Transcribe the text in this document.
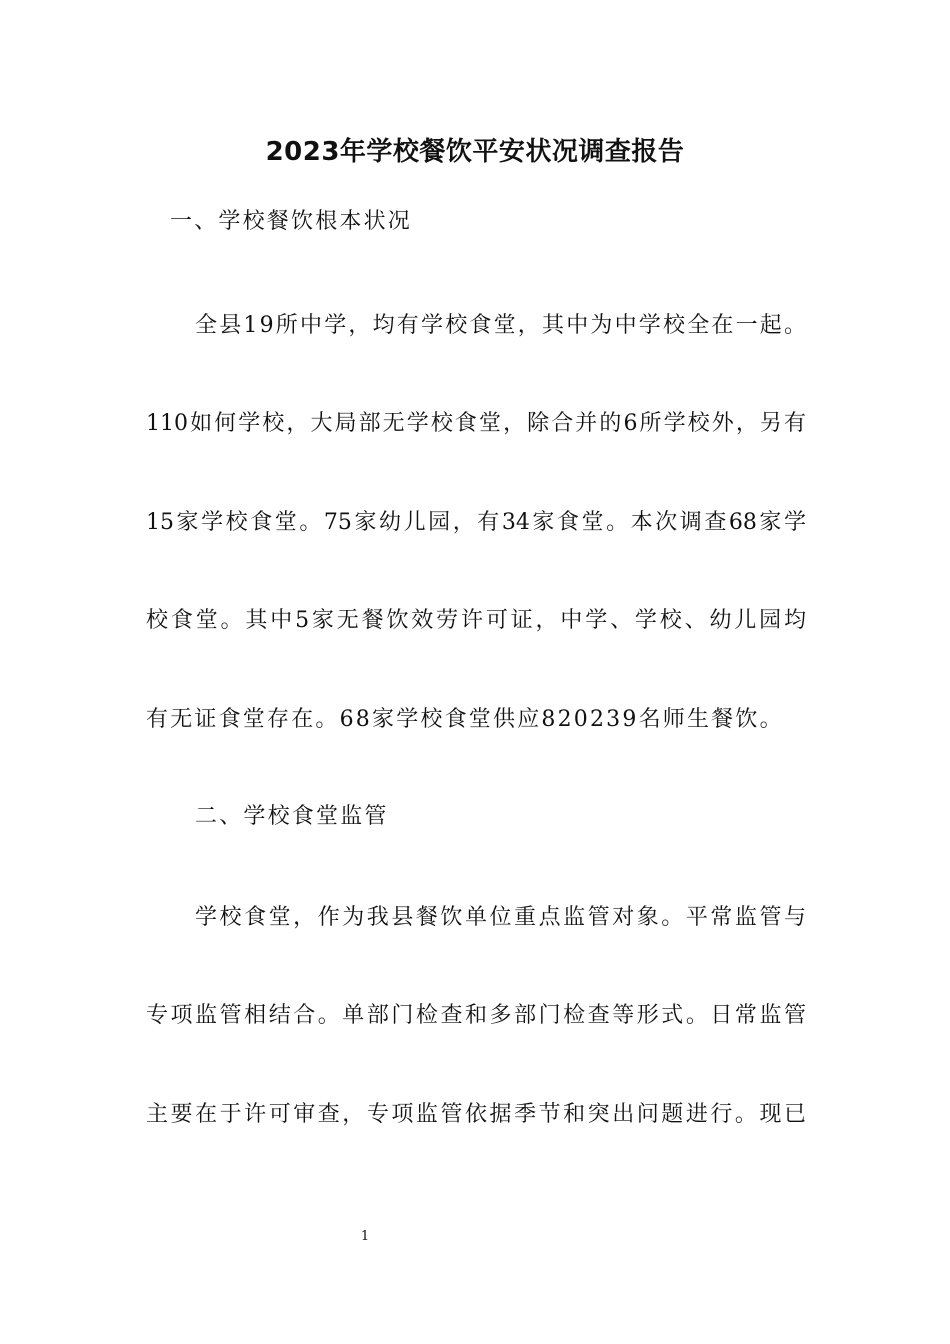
2023年学校餐饮平安状况调查报告
一、学校餐饮根本状况
全县19所中学，均有学校食堂，其中为中学校全在一起。
110如何学校，大局部无学校食堂，除合并的6所学校外，另有
15家学校食堂。75家幼儿园，有34家食堂。本次调查68家学
校食堂。其中5家无餐饮效劳许可证，中学、学校、幼儿园均
有无证食堂存在。68家学校食堂供应820239名师生餐饮。
二、学校食堂监管
学校食堂，作为我县餐饮单位重点监管对象。平常监管与
专项监管相结合。单部门检查和多部门检查等形式。日常监管
主要在于许可审查，专项监管依据季节和突出问题进行。现已
1
